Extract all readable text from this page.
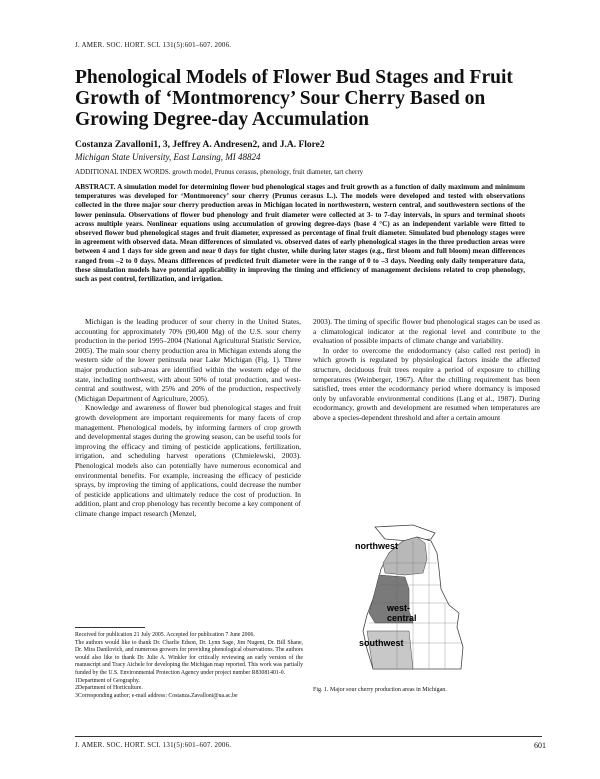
J. AMER. SOC. HORT. SCI. 131(5):601–607. 2006.
Phenological Models of Flower Bud Stages and Fruit Growth of ‘Montmorency’ Sour Cherry Based on Growing Degree-day Accumulation
Costanza Zavalloni1, 3, Jeffrey A. Andresen2, and J.A. Flore2
Michigan State University, East Lansing, MI 48824
ADDITIONAL INDEX WORDS. growth model, Prunus cerasus, phenology, fruit diameter, tart cherry
ABSTRACT. A simulation model for determining flower bud phenological stages and fruit growth as a function of daily maximum and minimum temperatures was developed for ‘Montmorency’ sour cherry (Prunus cerasus L.). The models were developed and tested with observations collected in the three major sour cherry production areas in Michigan located in northwestern, western central, and southwestern sections of the lower peninsula. Observations of flower bud phenology and fruit diameter were collected at 3- to 7-day intervals, in spurs and terminal shoots across multiple years. Nonlinear equations using accumulation of growing degree-days (base 4 °C) as an independent variable were fitted to observed flower bud phenological stages and fruit diameter, expressed as percentage of final fruit diameter. Simulated bud phenology stages were in agreement with observed data. Mean differences of simulated vs. observed dates of early phenological stages in the three production areas were between 4 and 1 days for side green and near 0 days for tight cluster, while during later stages (e.g., first bloom and full bloom) mean differences ranged from –2 to 0 days. Means differences of predicted fruit diameter were in the range of 0 to –3 days. Needing only daily temperature data, these simulation models have potential applicability in improving the timing and efficiency of management decisions related to crop phenology, such as pest control, fertilization, and irrigation.

Michigan is the leading producer of sour cherry in the United States, accounting for approximately 70% (90,400 Mg) of the U.S. sour cherry production in the period 1995–2004 (National Agricultural Statistic Service, 2005). The main sour cherry production area in Michigan extends along the western side of the lower peninsula near Lake Michigan (Fig. 1). Three major production sub-areas are identified within the western edge of the state, including northwest, with about 50% of total production, and west-central and southwest, with 25% and 20% of the production, respectively (Michigan Department of Agriculture, 2005).

Knowledge and awareness of flower bud phenological stages and fruit growth development are important requirements for many facets of crop management. Phenological models, by informing farmers of crop growth and developmental stages during the growing season, can be useful tools for improving the efficacy and timing of pesticide applications, fertilization, irrigation, and scheduling harvest operations (Chmielewski, 2003). Phenological models also can potentially have numerous economical and environmental benefits. For example, increasing the efficacy of pesticide sprays, by improving the timing of applications, could decrease the number of pesticide applications and ultimately reduce the cost of production. In addition, plant and crop phenology has recently become a key component of climate change impact research (Menzel,

2003). The timing of specific flower bud phenological stages can be used as a climatological indicator at the regional level and contribute to the evaluation of possible impacts of climate change and variability.

In order to overcome the endodormancy (also called rest period) in which growth is regulated by physiological factors inside the affected structure, deciduous fruit trees require a period of exposure to chilling temperatures (Weinberger, 1967). After the chilling requirement has been satisfied, trees enter the ecodormancy period where dormancy is imposed only by unfavorable environmental conditions (Lang et al., 1987). During ecodormancy, growth and development are resumed when temperatures are above a species-dependent threshold and after a certain amount

northwest
west-
central
southwest
Fig. 1. Major sour cherry production areas in Michigan.

Received for publication 21 July 2005. Accepted for publication 7 June 2006.

The authors would like to thank Dr. Charlie Edson, Dr. Lynn Sage, Jim Nugent, Dr. Bill Shane, Dr. Mira Danilovich, and numerous growers for providing phenological observations. The authors would also like to thank Dr. Julie A. Winkler for critically reviewing an early version of the manuscript and Tracy Aichele for developing the Michigan map reported. This work was partially funded by the U.S. Environmental Protection Agency under project number R83081401-0.

1Department of Geography.

2Department of Horticulture.

3Corresponding author; e-mail address: Costanza.Zavalloni@ua.ac.be

J. AMER. SOC. HORT. SCI. 131(5):601–607. 2006.	601
